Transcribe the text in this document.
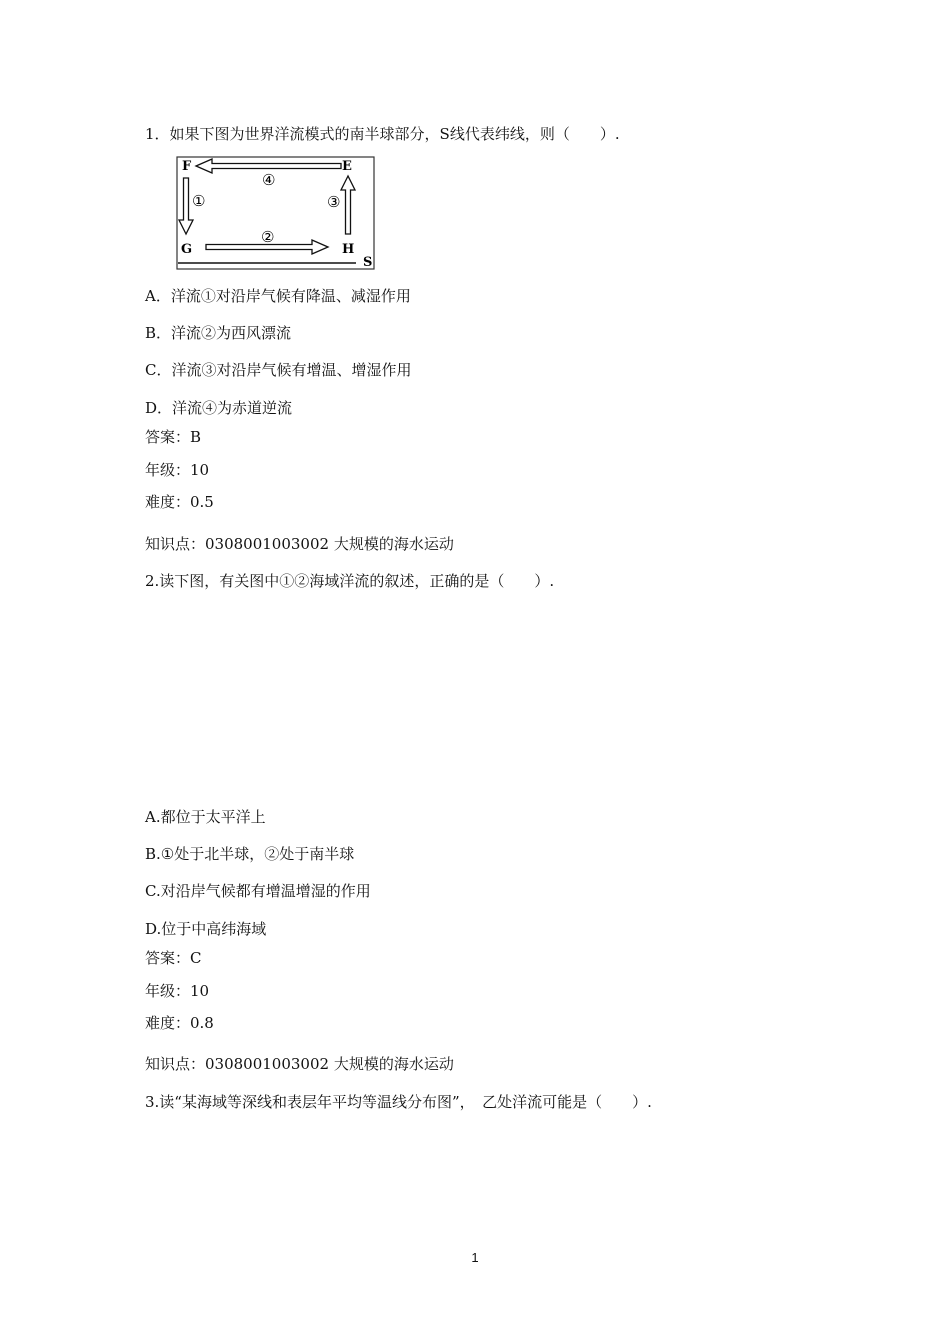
1．如果下图为世界洋流模式的南半球部分，S线代表纬线，则（　　）.
F	E
G	H
④
①	③
②
S
A．洋流①对沿岸气候有降温、减湿作用
B．洋流②为西风漂流
C．洋流③对沿岸气候有增温、增湿作用
D．洋流④为赤道逆流
答案：B
年级：10
难度：0.5
知识点：0308001003002 大规模的海水运动
2.读下图，有关图中①②海域洋流的叙述，正确的是（　　）.
A.都位于太平洋上
B.①处于北半球，②处于南半球
C.对沿岸气候都有增温增湿的作用
D.位于中高纬海域
答案：C
年级：10
难度：0.8
知识点：0308001003002 大规模的海水运动
3.读“某海域等深线和表层年平均等温线分布图”，　乙处洋流可能是（　　）.
1
